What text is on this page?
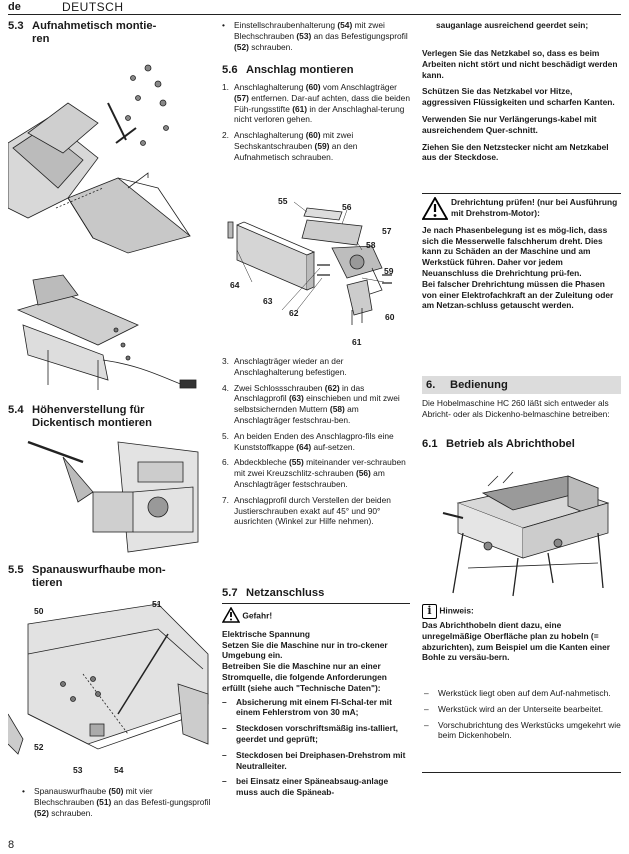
de	DEUTSCH
5.3 Aufnahmetisch montie-
ren
5.4 Höhenverstellung für
Dickentisch montieren
5.5 Spanauswurfhaube mon-
tieren
50
51
52
53	54
• Spanauswurfhaube (50) mit vier Blechschrauben (51) an das Befesti-gungsprofil (52) schrauben.
8
• Einstellschraubenhalterung (54) mit zwei Blechschrauben (53) an das Befestigungsprofil (52) schrauben.
5.6 Anschlag montieren
1. Anschlaghalterung (60) vom Anschlagträger (57) entfernen. Dar-auf achten, dass die beiden Füh-rungsstifte (61) in der Anschlaghal-terung nicht verloren gehen.
2. Anschlaghalterung (60) mit zwei Sechskantschrauben (59) an den Aufnahmetisch schrauben.
55
56
57
58
59
60
61
62
63
64
3. Anschlagträger wieder an der Anschlaghalterung befestigen.
4. Zwei Schlossschrauben (62) in das Anschlagprofil (63) einschieben und mit zwei selbstsichernden Muttern (58) am Anschlagträger festschrau-ben.
5. An beiden Enden des Anschlagpro-fils eine Kunststoffkappe (64) auf-setzen.
6. Abdeckbleche (55) miteinander ver-schrauben mit zwei Kreuzschlitz-schrauben (56) am Anschlagträger festschrauben.
7. Anschlagprofil durch Verstellen der beiden Justierschrauben exakt auf 45° und 90° ausrichten (Winkel zur Hilfe nehmen).
5.7 Netzanschluss
Gefahr!
Elektrische Spannung
Setzen Sie die Maschine nur in tro-ckener Umgebung ein.
Betreiben Sie die Maschine nur an einer Stromquelle, die folgende Anforderungen erfüllt (siehe auch "Technische Daten"):
– Absicherung mit einem FI-Schal-ter mit einem Fehlerstrom von 30 mA;
– Steckdosen vorschriftsmäßig ins-talliert, geerdet und geprüft;
– Steckdosen bei Dreiphasen-Drehstrom mit Neutralleiter.
– bei Einsatz einer Späneabsaug-anlage muss auch die Spänеab-
sauganlage ausreichend geerdet sein;
Verlegen Sie das Netzkabel so, dass es beim Arbeiten nicht stört und nicht beschädigt werden kann.
Schützen Sie das Netzkabel vor Hitze, aggressiven Flüssigkeiten und scharfen Kanten.
Verwenden Sie nur Verlängerungs-kabel mit ausreichendem Quer-schnitt.
Ziehen Sie den Netzstecker nicht am Netzkabel aus der Steckdose.
Drehrichtung prüfen! (nur bei Ausführung mit Drehstrom-Motor):
Je nach Phasenbelegung ist es mög-lich, dass sich die Messerwelle falschherum dreht. Dies kann zu Schäden an der Maschine und am Werkstück führen. Daher vor jedem Neuanschluss die Drehrichtung prü-fen.
Bei falscher Drehrichtung müssen die Phasen von einer Elektrofachkraft an der Zuleitung oder am Netzan-schluss getauscht werden.
6. Bedienung
Die Hobelmaschine HC 260 läßt sich entweder als Abricht- oder als Dickenho-belmaschine betreiben:
6.1 Betrieb als Abrichthobel
i Hinweis:
Das Abrichthobeln dient dazu, eine unregelmäßige Oberfläche plan zu hobeln (= abzurichten), zum Beispiel um die Kanten einer Bohle zu versäu-bern.
– Werkstück liegt oben auf dem Auf-nahmetisch.
– Werkstück wird an der Unterseite bearbeitet.
– Vorschubrichtung des Werkstücks umgekehrt wie beim Dickenhobeln.
